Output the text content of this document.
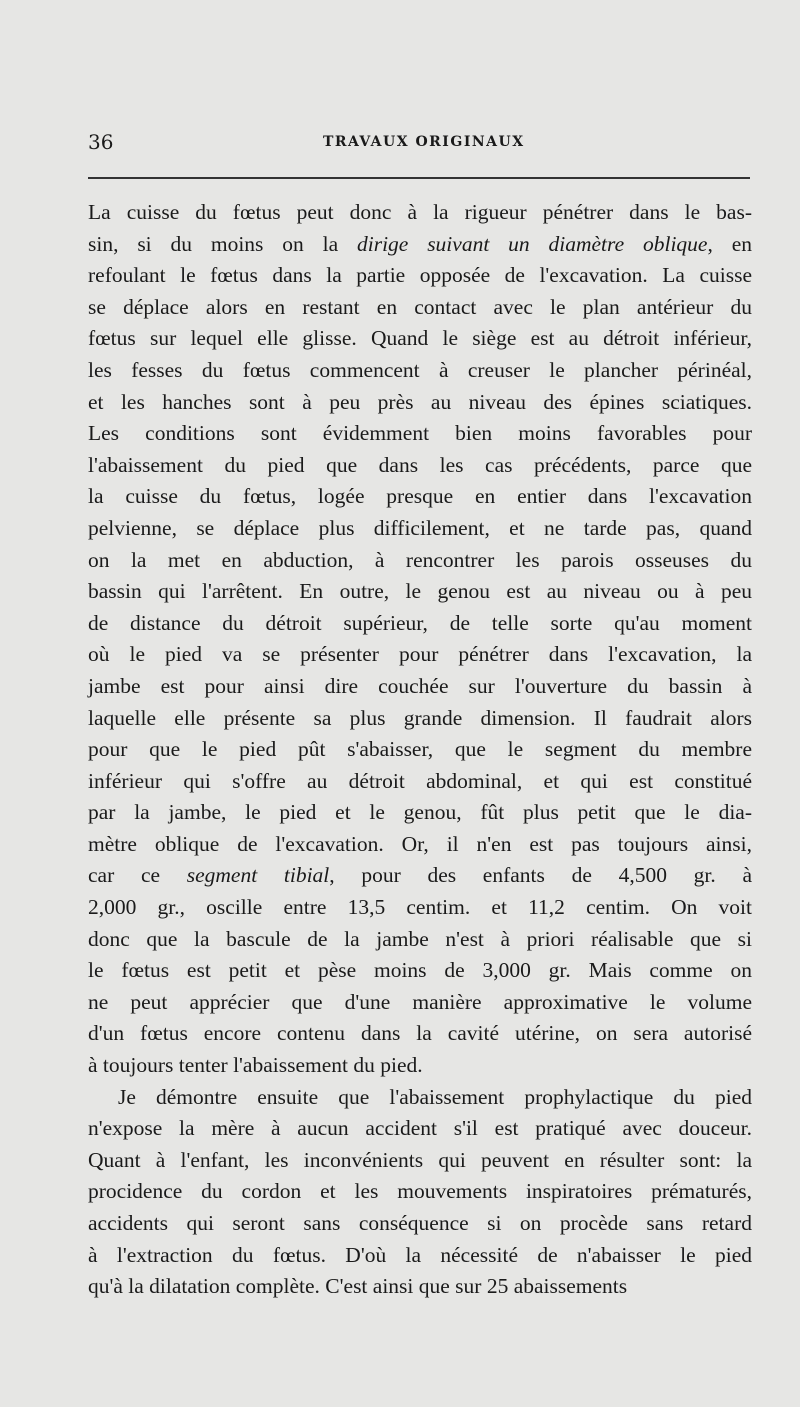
36	TRAVAUX ORIGINAUX
La cuisse du fœtus peut donc à la rigueur pénétrer dans le bas-
sin, si du moins on la dirige suivant un diamètre oblique, en
refoulant le fœtus dans la partie opposée de l'excavation. La cuisse
se déplace alors en restant en contact avec le plan antérieur du
fœtus sur lequel elle glisse. Quand le siège est au détroit inférieur,
les fesses du fœtus commencent à creuser le plancher périnéal,
et les hanches sont à peu près au niveau des épines sciatiques.
Les conditions sont évidemment bien moins favorables pour
l'abaissement du pied que dans les cas précédents, parce que
la cuisse du fœtus, logée presque en entier dans l'excavation
pelvienne, se déplace plus difficilement, et ne tarde pas, quand
on la met en abduction, à rencontrer les parois osseuses du
bassin qui l'arrêtent. En outre, le genou est au niveau ou à peu
de distance du détroit supérieur, de telle sorte qu'au moment
où le pied va se présenter pour pénétrer dans l'excavation, la
jambe est pour ainsi dire couchée sur l'ouverture du bassin à
laquelle elle présente sa plus grande dimension. Il faudrait alors
pour que le pied pût s'abaisser, que le segment du membre
inférieur qui s'offre au détroit abdominal, et qui est constitué
par la jambe, le pied et le genou, fût plus petit que le dia-
mètre oblique de l'excavation. Or, il n'en est pas toujours ainsi,
car ce segment tibial, pour des enfants de 4,500 gr. à
2,000 gr., oscille entre 13,5 centim. et 11,2 centim. On voit
donc que la bascule de la jambe n'est à priori réalisable que si
le fœtus est petit et pèse moins de 3,000 gr. Mais comme on
ne peut apprécier que d'une manière approximative le volume
d'un fœtus encore contenu dans la cavité utérine, on sera autorisé
à toujours tenter l'abaissement du pied.
Je démontre ensuite que l'abaissement prophylactique du pied
n'expose la mère à aucun accident s'il est pratiqué avec douceur.
Quant à l'enfant, les inconvénients qui peuvent en résulter sont: la
procidence du cordon et les mouvements inspiratoires prématurés,
accidents qui seront sans conséquence si on procède sans retard
à l'extraction du fœtus. D'où la nécessité de n'abaisser le pied
qu'à la dilatation complète. C'est ainsi que sur 25 abaissements
